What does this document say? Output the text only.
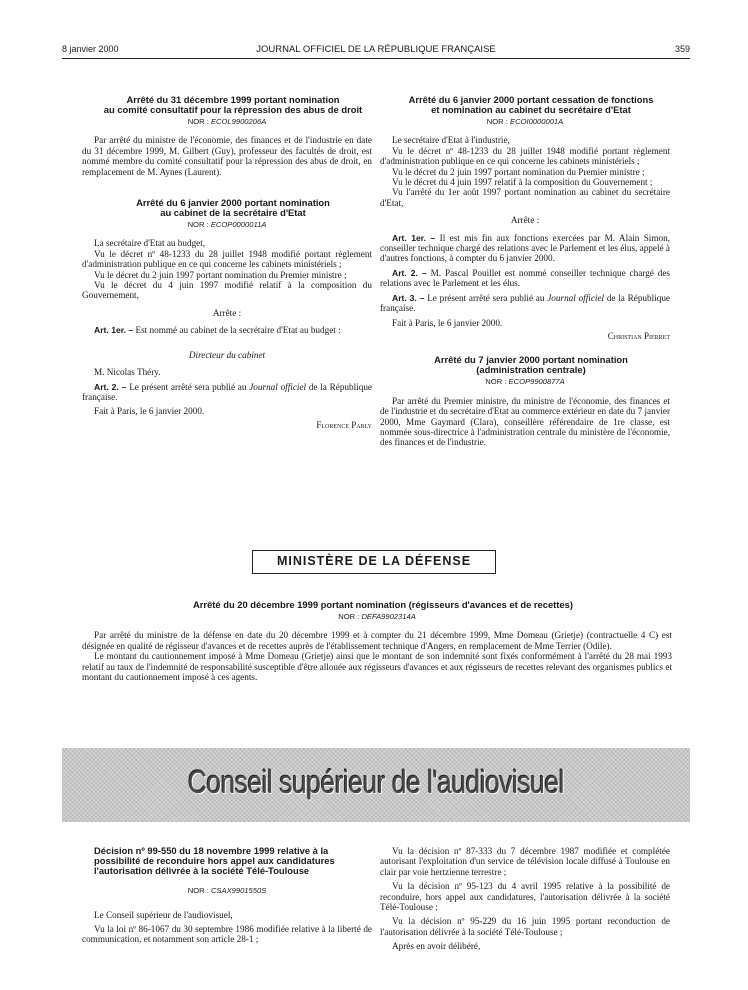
8 janvier 2000	JOURNAL OFFICIEL DE LA RÉPUBLIQUE FRANÇAISE	359

Arrêté du 31 décembre 1999 portant nomination

au comité consultatif pour la répression des abus de droit

NOR : ECOL9900206A

Par arrêté du ministre de l'économie, des finances et de l'industrie en date du 31 décembre 1999, M. Gilbert (Guy), professeur des facultés de droit, est nommé membre du comité consultatif pour la répression des abus de droit, en remplacement de M. Aynes (Laurent).

Arrêté du 6 janvier 2000 portant nomination

au cabinet de la secrétaire d'Etat

NOR : ECOP0000011A

La secrétaire d'Etat au budget,

Vu le décret nº 48-1233 du 28 juillet 1948 modifié portant règlement d'administration publique en ce qui concerne les cabinets ministériels ;

Vu le décret du 2 juin 1997 portant nomination du Premier ministre ;

Vu le décret du 4 juin 1997 modifié relatif à la composition du Gouvernement,

Arrête :

Art. 1er. – Est nommé au cabinet de la secrétaire d'Etat au budget :

Directeur du cabinet

M. Nicolas Théry.

Art. 2. – Le présent arrêté sera publié au Journal officiel de la République française.

Fait à Paris, le 6 janvier 2000.

Florence Parly

Arrêté du 6 janvier 2000 portant cessation de fonctions

et nomination au cabinet du secrétaire d'Etat

NOR : ECOI0000001A

Le secrétaire d'Etat à l'industrie,

Vu le décret nº 48-1233 du 28 juillet 1948 modifié portant règlement d'administration publique en ce qui concerne les cabinets ministériels ;

Vu le décret du 2 juin 1997 portant nomination du Premier ministre ;

Vu le décret du 4 juin 1997 relatif à la composition du Gouvernement ;

Vu l'arrêté du 1er août 1997 portant nomination au cabinet du secrétaire d'Etat,

Arrête :

Art. 1er. – Il est mis fin aux fonctions exercées par M. Alain Simon, conseiller technique chargé des relations avec le Parlement et les élus, appelé à d'autres fonctions, à compter du 6 janvier 2000.

Art. 2. – M. Pascal Pouillet est nommé conseiller technique chargé des relations avec le Parlement et les élus.

Art. 3. – Le présent arrêté sera publié au Journal officiel de la République française.

Fait à Paris, le 6 janvier 2000.

Christian Pierret

Arrêté du 7 janvier 2000 portant nomination

(administration centrale)

NOR : ECOP9900877A

Par arrêté du Premier ministre, du ministre de l'économie, des finances et de l'industrie et du secrétaire d'Etat au commerce extérieur en date du 7 janvier 2000, Mme Gaymard (Clara), conseillère référendaire de 1re classe, est nommée sous-directrice à l'administration centrale du ministère de l'économie, des finances et de l'industrie.

MINISTÈRE DE LA DÉFENSE

Arrêté du 20 décembre 1999 portant nomination (régisseurs d'avances et de recettes)

NOR : DEFA9902314A

Par arrêté du ministre de la défense en date du 20 décembre 1999 et à compter du 21 décembre 1999, Mme Domeau (Grietje) (contractuelle 4 C) est désignée en qualité de régisseur d'avances et de recettes auprès de l'établissement technique d'Angers, en remplacement de Mme Terrier (Odile).

Le montant du cautionnement imposé à Mme Domeau (Grietje) ainsi que le montant de son indemnité sont fixés conformément à l'arrêté du 28 mai 1993 relatif au taux de l'indemnité de responsabilité susceptible d'être allouée aux régisseurs d'avances et aux régisseurs de recettes relevant des organismes publics et montant du cautionnement imposé à ces agents.

Conseil supérieur de l'audiovisuel

Décision nº 99-550 du 18 novembre 1999 relative à la

possibilité de reconduire hors appel aux candidatures

l'autorisation délivrée à la société Télé-Toulouse

NOR : CSAX9901550S

Le Conseil supérieur de l'audiovisuel,

Vu la loi nº 86-1067 du 30 septembre 1986 modifiée relative à la liberté de communication, et notamment son article 28-1 ;

Vu la décision nº 87-333 du 7 décembre 1987 modifiée et complétée autorisant l'exploitation d'un service de télévision locale diffusé à Toulouse en clair par voie hertzienne terrestre ;

Vu la décision nº 95-123 du 4 avril 1995 relative à la possibilité de reconduire, hors appel aux candidatures, l'autorisation délivrée à la société Télé-Toulouse ;

Vu la décision nº 95-229 du 16 juin 1995 portant reconduction de l'autorisation délivrée à la société Télé-Toulouse ;

Après en avoir délibéré,
